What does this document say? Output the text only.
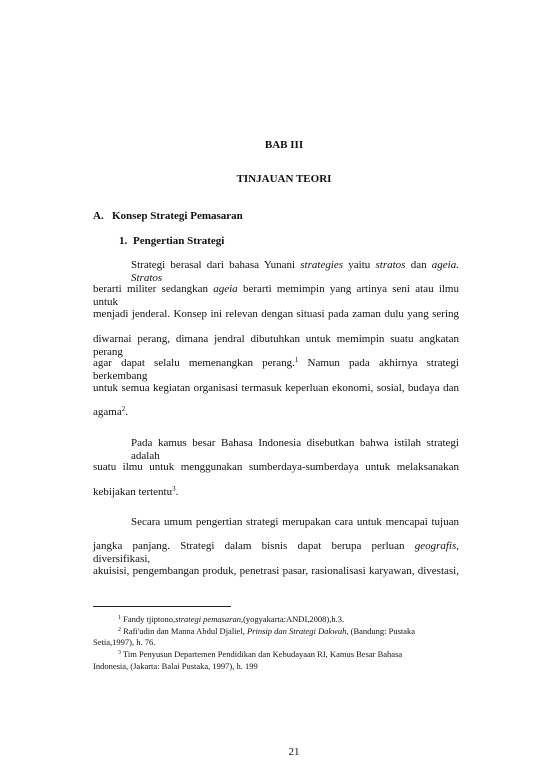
BAB III

TINJAUAN TEORI

A. Konsep Strategi Pemasaran

1. Pengertian Strategi

Strategi berasal dari bahasa Yunani strategies yaitu stratos dan ageia. Stratos

berarti militer sedangkan ageia berarti memimpin yang artinya seni atau ilmu untuk

menjadi jenderal. Konsep ini relevan dengan situasi pada zaman dulu yang sering

diwarnai perang, dimana jendral dibutuhkan untuk memimpin suatu angkatan perang

agar dapat selalu memenangkan perang.$^1$ Namun pada akhirnya strategi berkembang

untuk semua kegiatan organisasi termasuk keperluan ekonomi, sosial, budaya dan

agama$^2$.

Pada kamus besar Bahasa Indonesia disebutkan bahwa istilah strategi adalah

suatu ilmu untuk menggunakan sumberdaya-sumberdaya untuk melaksanakan

kebijakan tertentu$^3$.

Secara umum pengertian strategi merupakan cara untuk mencapai tujuan

jangka panjang. Strategi dalam bisnis dapat berupa perluan geografis, diversifikasi,

akuisisi, pengembangan produk, penetrasi pasar, rasionalisasi karyawan, divestasi,

$^1$ Fandy tjiptono,strategi pemasaran,(yogyakarta:ANDI,2008),h.3.

$^2$ Rafi'udin dan Manna Abdul Djaliel, Prinsip dan Strategi Dakwah, (Bandung: Pustaka

Setia,1997), h. 76.

$^3$ Tim Penyusun Departemen Pendidikan dan Kebudayaan RI, Kamus Besar Bahasa

Indonesia, (Jakarta: Balai Pustaka, 1997), h. 199

21
